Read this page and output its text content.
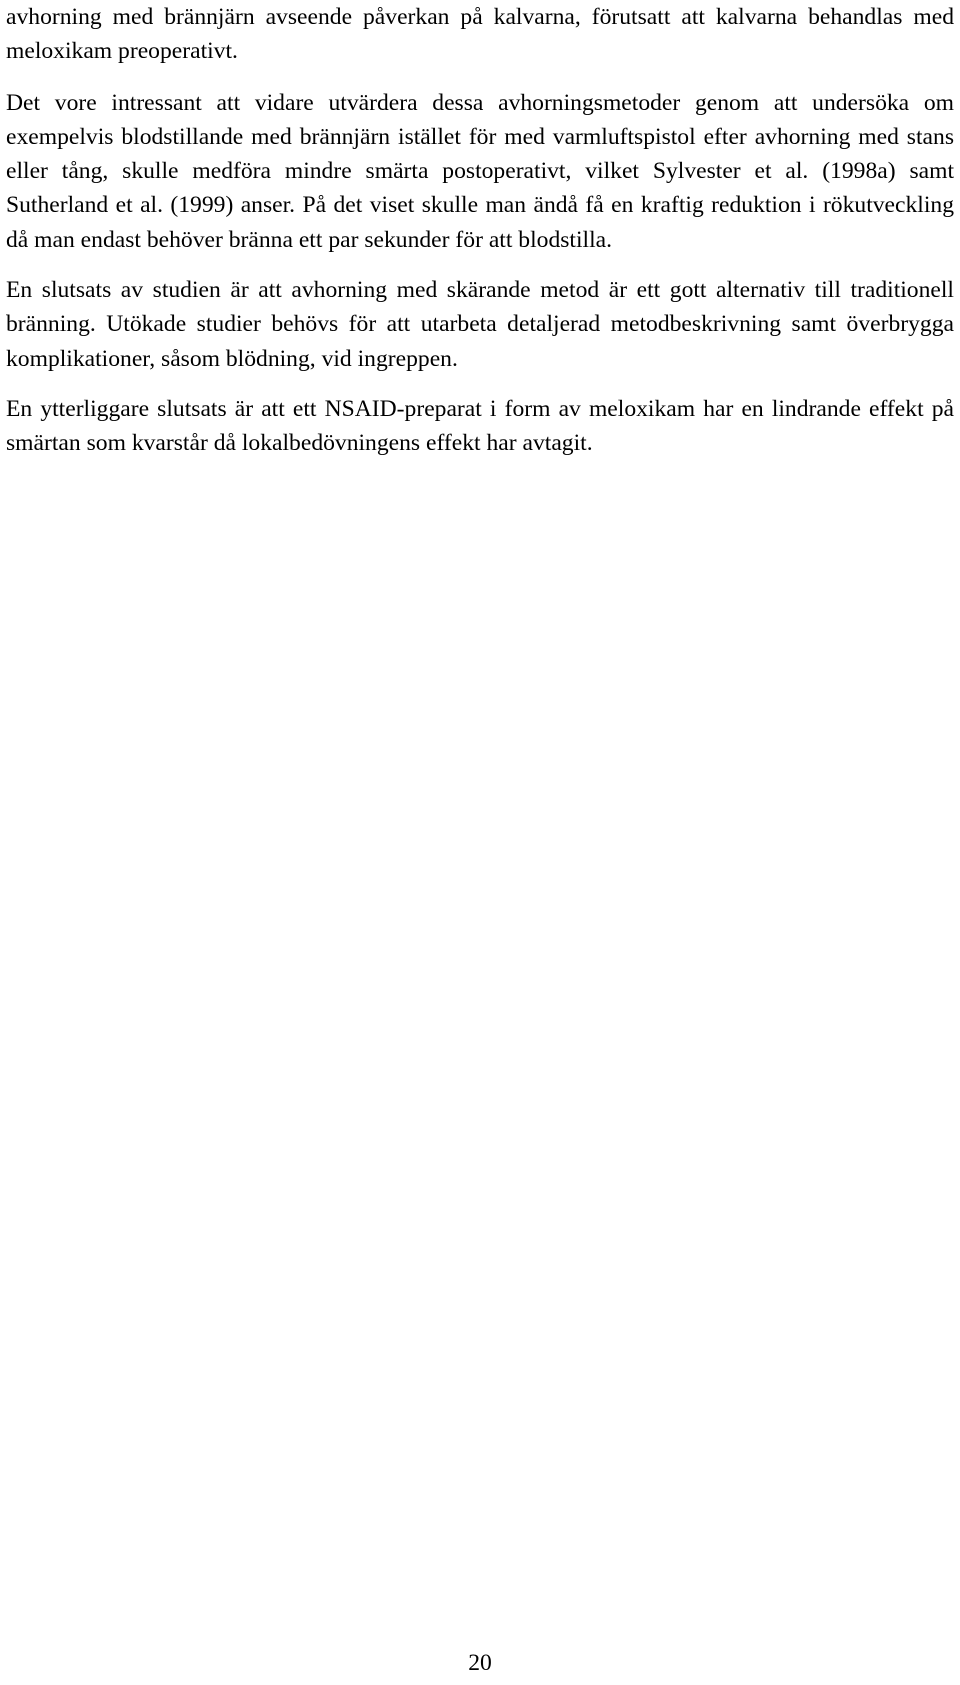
avhorning med brännjärn avseende påverkan på kalvarna, förutsatt att kalvarna behandlas med meloxikam preoperativt.

Det vore intressant att vidare utvärdera dessa avhorningsmetoder genom att undersöka om exempelvis blodstillande med brännjärn istället för med varmluftspistol efter avhorning med stans eller tång, skulle medföra mindre smärta postoperativt, vilket Sylvester et al. (1998a) samt Sutherland et al. (1999) anser. På det viset skulle man ändå få en kraftig reduktion i rökutveckling då man endast behöver bränna ett par sekunder för att blodstilla.

En slutsats av studien är att avhorning med skärande metod är ett gott alternativ till traditionell bränning. Utökade studier behövs för att utarbeta detaljerad metodbeskrivning samt överbrygga komplikationer, såsom blödning, vid ingreppen.

En ytterliggare slutsats är att ett NSAID-preparat i form av meloxikam har en lindrande effekt på smärtan som kvarstår då lokalbedövningens effekt har avtagit.

20
